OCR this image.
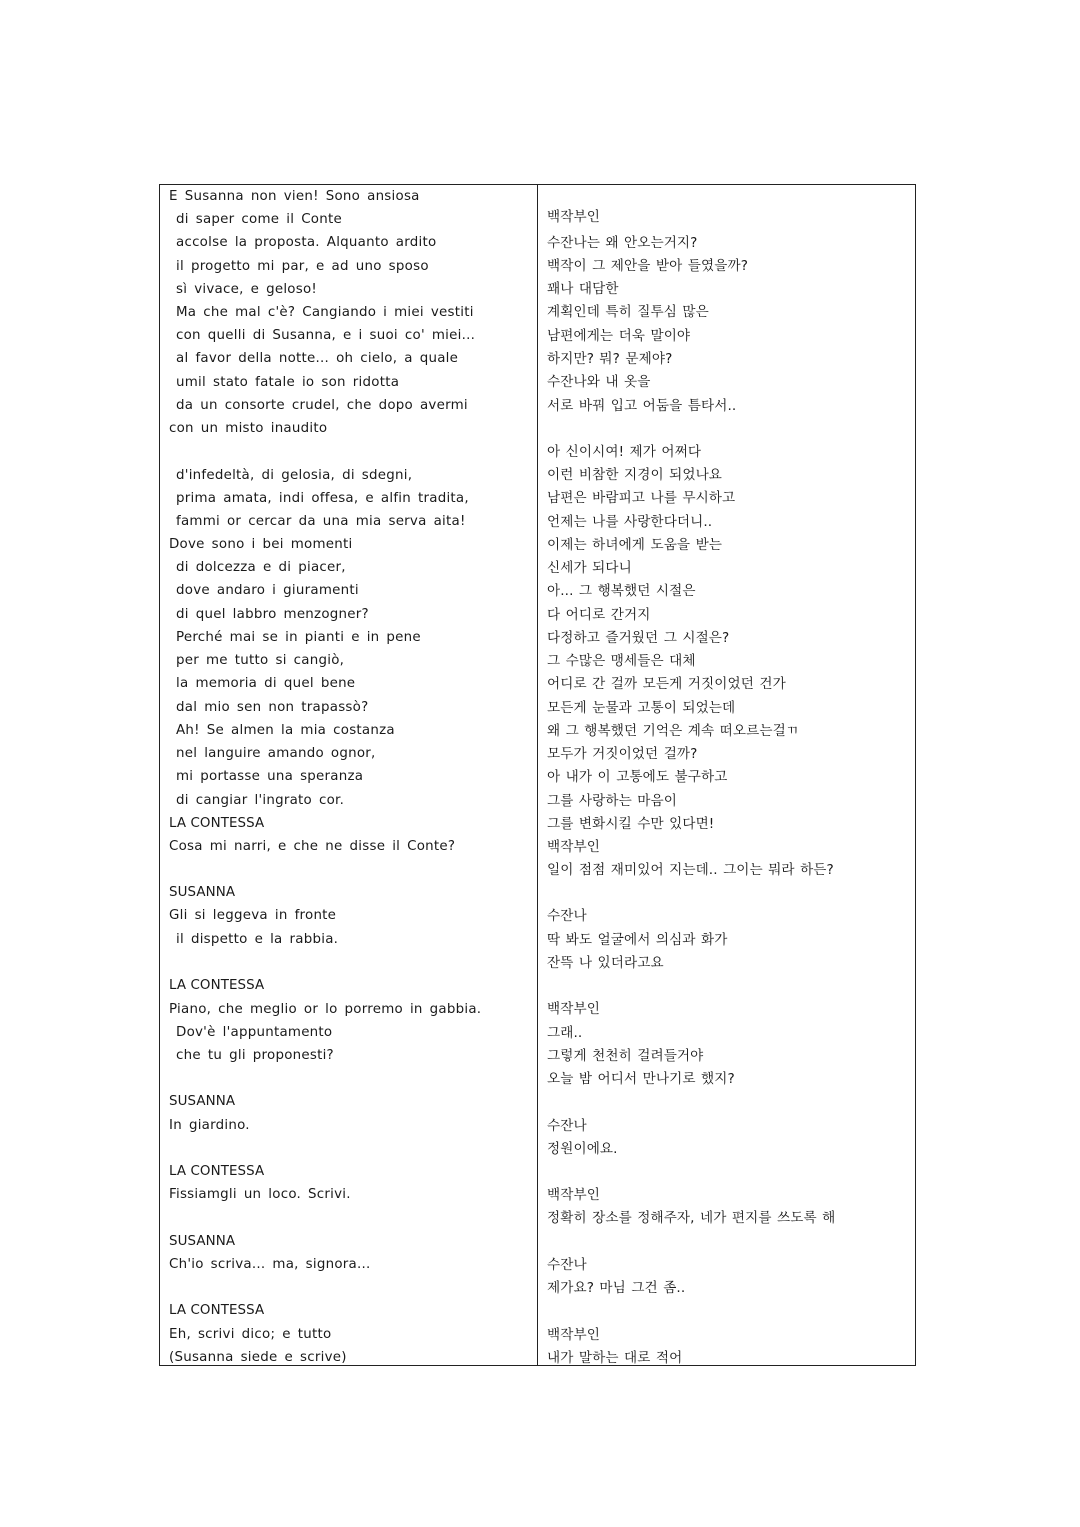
E Susanna non vien! Sono ansiosa
di saper come il Conte
accolse la proposta. Alquanto ardito
il progetto mi par, e ad uno sposo
sì vivace, e geloso!
Ma che mal c'è? Cangiando i miei vestiti
con quelli di Susanna, e i suoi co' miei...
al favor della notte... oh cielo, a quale
umil stato fatale io son ridotta
da un consorte crudel, che dopo avermi
con un misto inaudito
d'infedeltà, di gelosia, di sdegni,
prima amata, indi offesa, e alfin tradita,
fammi or cercar da una mia serva aita!
Dove sono i bei momenti
di dolcezza e di piacer,
dove andaro i giuramenti
di quel labbro menzogner?
Perché mai se in pianti e in pene
per me tutto si cangiò,
la memoria di quel bene
dal mio sen non trapassò?
Ah! Se almen la mia costanza
nel languire amando ognor,
mi portasse una speranza
di cangiar l'ingrato cor.
LA CONTESSA
Cosa mi narri, e che ne disse il Conte?
SUSANNA
Gli si leggeva in fronte
il dispetto e la rabbia.
LA CONTESSA
Piano, che meglio or lo porremo in gabbia.
Dov'è l'appuntamento
che tu gli proponesti?
SUSANNA
In giardino.
LA CONTESSA
Fissiamgli un loco. Scrivi.
SUSANNA
Ch'io scriva... ma, signora...
LA CONTESSA
Eh, scrivi dico; e tutto
(Susanna siede e scrive)
백작부인
수잔나는 왜 안오는거지?
백작이 그 제안을 받아 들였을까?
꽤나 대담한
계획인데 특히 질투심 많은
남편에게는 더욱 말이야
하지만? 뭐? 문제야?
수잔나와 내 옷을
서로 바꿔 입고 어둠을 틈타서..
아 신이시여! 제가 어쩌다
이런 비참한 지경이 되었나요
남편은 바람피고 나를 무시하고
언제는 나를 사랑한다더니..
이제는 하녀에게 도움을 받는
신세가 되다니
아... 그 행복했던 시절은
다 어디로 간거지
다정하고 즐거웠던 그 시절은?
그 수많은 맹세들은 대체
어디로 간 걸까 모든게 거짓이었던 건가
모든게 눈물과 고통이 되었는데
왜 그 행복했던 기억은 계속 떠오르는걸ㄲ
모두가 거짓이었던 걸까?
아 내가 이 고통에도 불구하고
그를 사랑하는 마음이
그를 변화시킬 수만 있다면!
백작부인
일이 점점 재미있어 지는데.. 그이는 뭐라 하든?
수잔나
딱 봐도 얼굴에서 의심과 화가
잔뜩 나 있더라고요
백작부인
그래..
그렇게 천천히 걸려들거야
오늘 밤 어디서 만나기로 했지?
수잔나
정원이에요.
백작부인
정확히 장소를 정해주자, 네가 편지를 쓰도록 해
수잔나
제가요? 마님 그건 좀..
백작부인
내가 말하는 대로 적어
